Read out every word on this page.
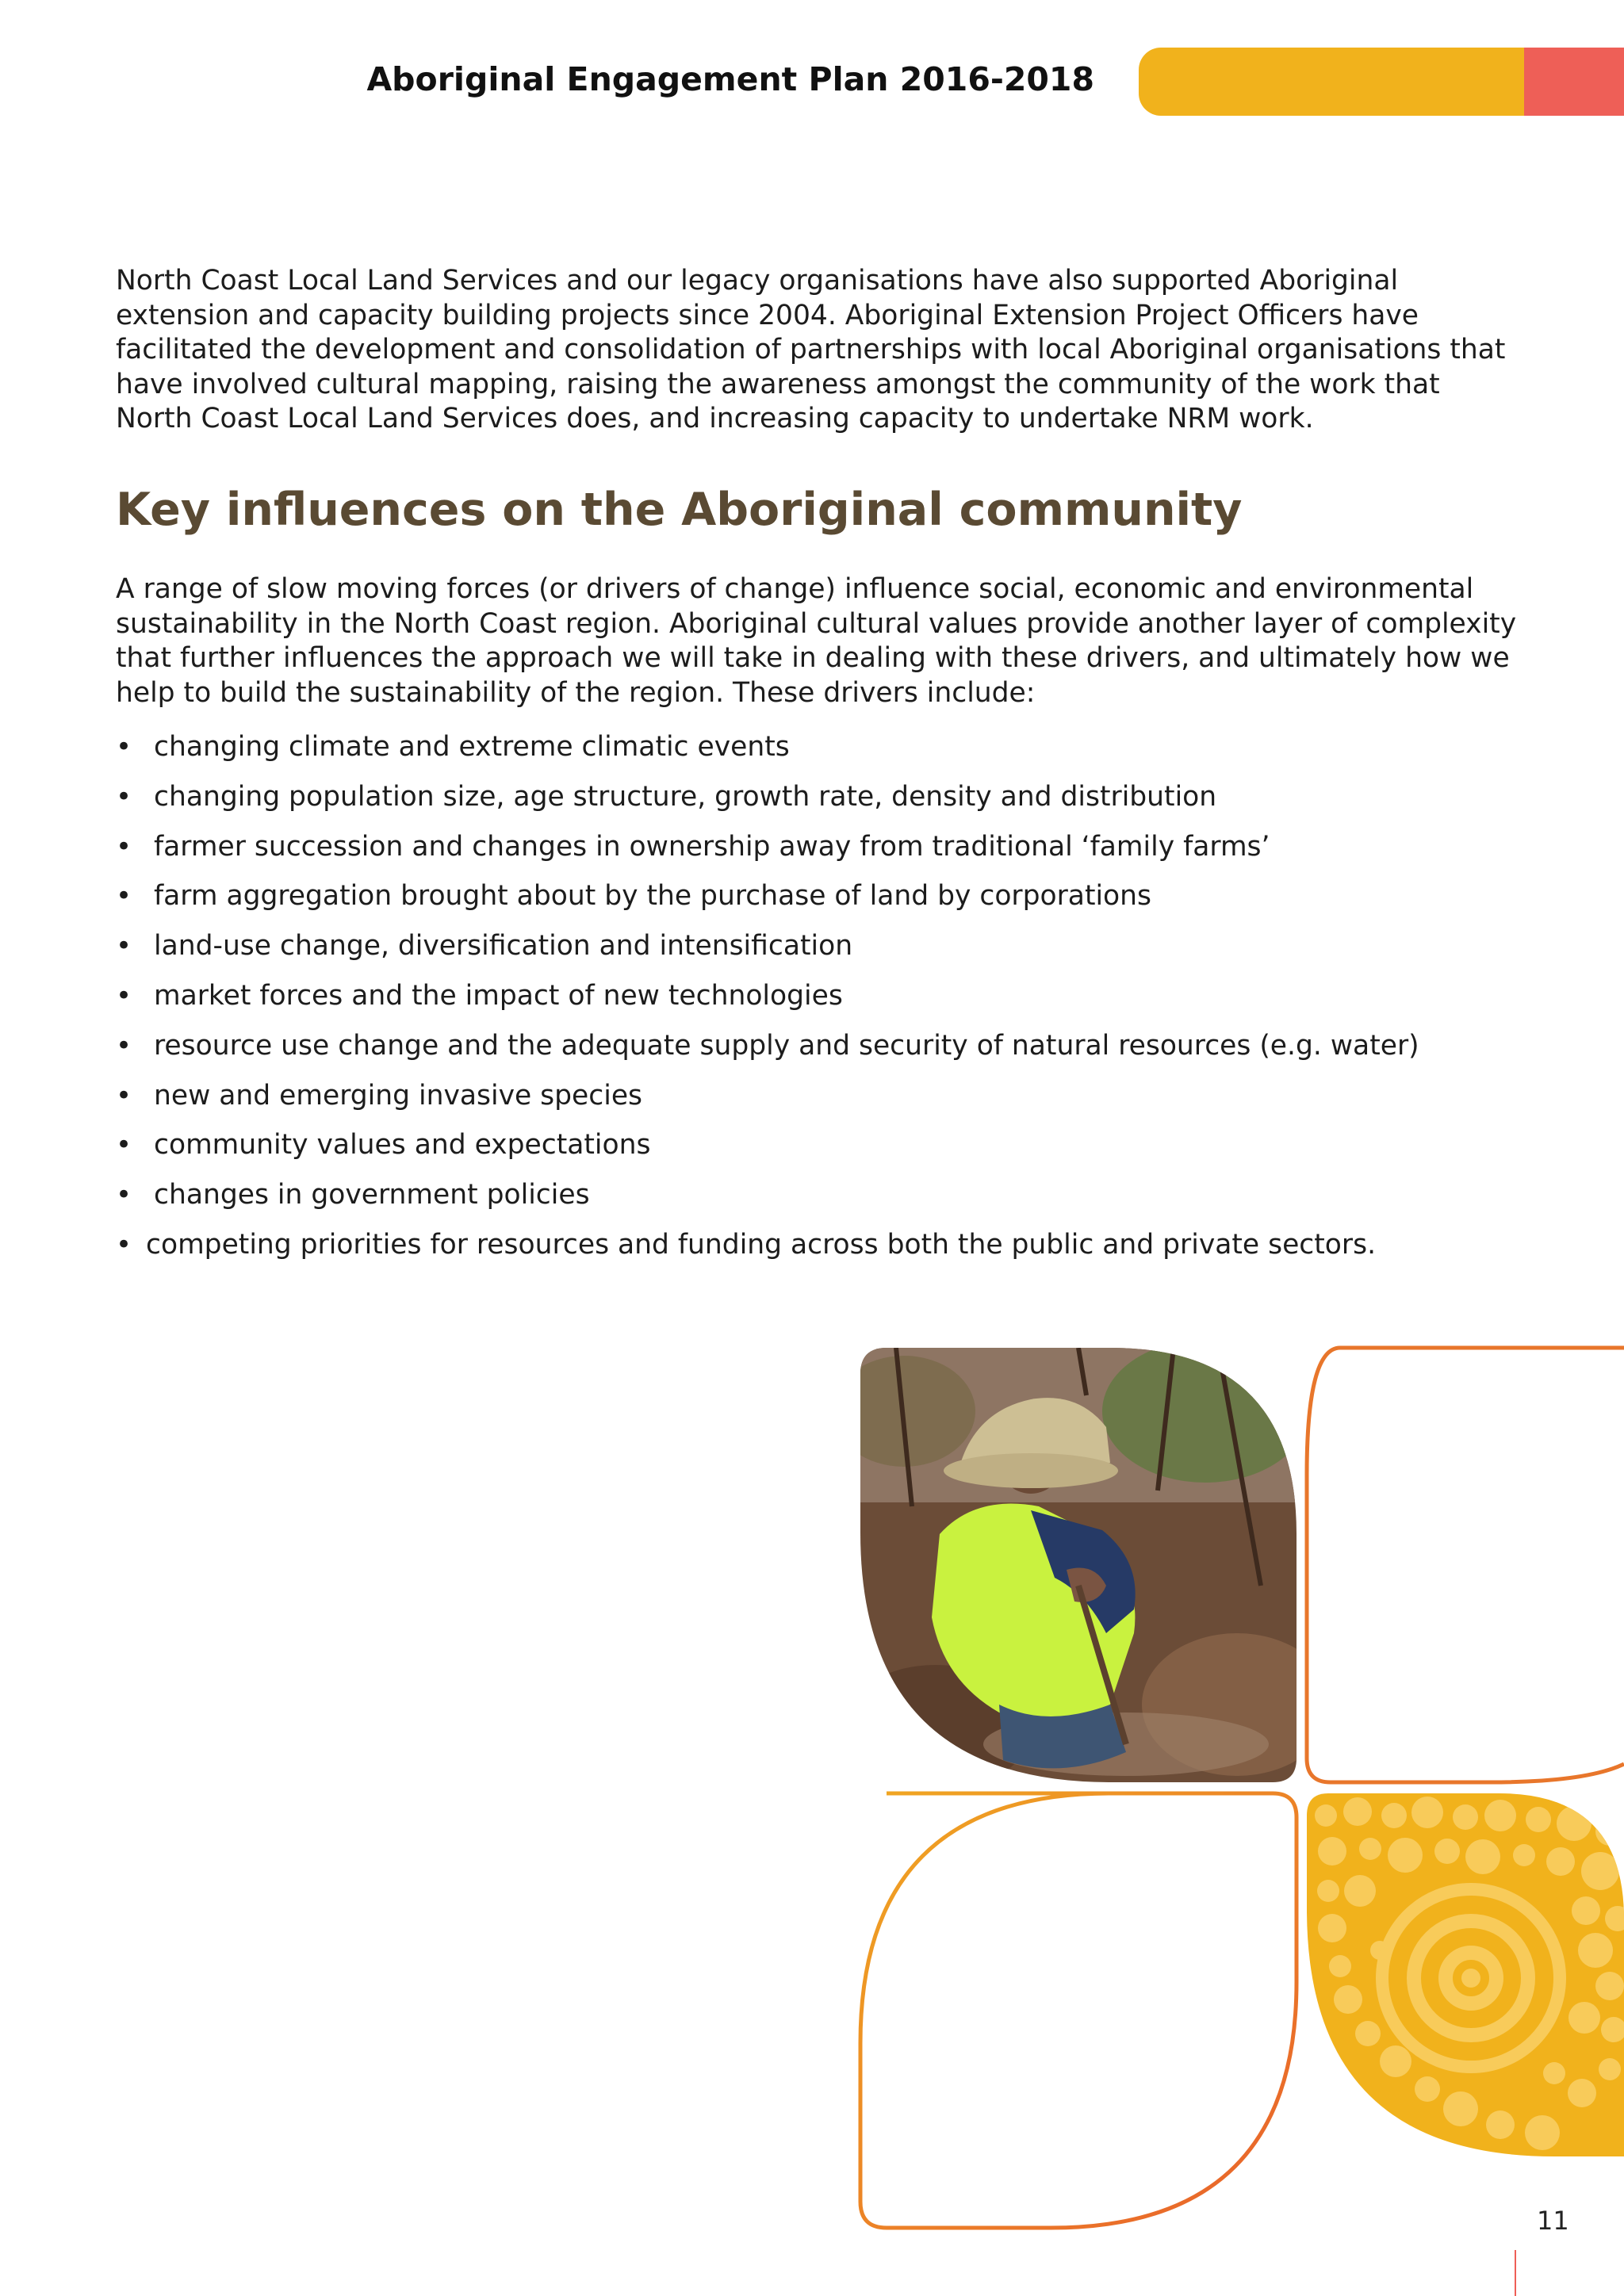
Aboriginal Engagement Plan 2016-2018

North Coast Local Land Services and our legacy organisations have also supported Aboriginal extension and capacity building projects since 2004. Aboriginal Extension Project Officers have facilitated the development and consolidation of partnerships with local Aboriginal organisations that have involved cultural mapping, raising the awareness amongst the community of the work that North Coast Local Land Services does, and increasing capacity to undertake NRM work.

Key influences on the Aboriginal community

A range of slow moving forces (or drivers of change) influence social, economic and environmental sustainability in the North Coast region. Aboriginal cultural values provide another layer of complexity that further influences the approach we will take in dealing with these drivers, and ultimately how we help to build the sustainability of the region. These drivers include:

• changing climate and extreme climatic events
• changing population size, age structure, growth rate, density and distribution
• farmer succession and changes in ownership away from traditional ‘family farms’
• farm aggregation brought about by the purchase of land by corporations
• land-use change, diversification and intensification
• market forces and the impact of new technologies
• resource use change and the adequate supply and security of natural resources (e.g. water)
• new and emerging invasive species
• community values and expectations
• changes in government policies
• competing priorities for resources and funding across both the public and private sectors.
11
